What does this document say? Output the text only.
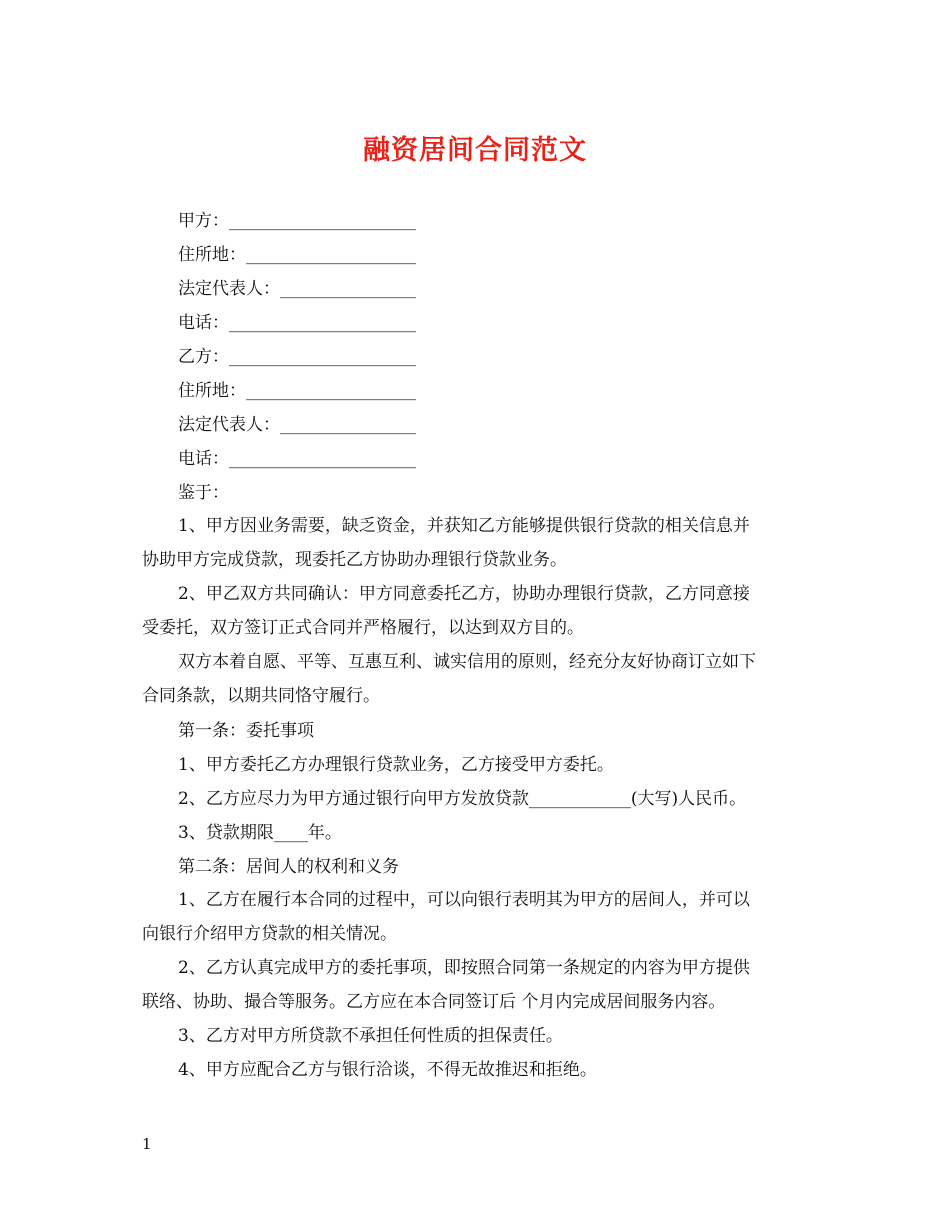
融资居间合同范文
甲方：______________________
住所地：____________________
法定代表人：________________
电话：______________________
乙方：______________________
住所地：____________________
法定代表人：________________
电话：______________________
鉴于：
1、甲方因业务需要，缺乏资金，并获知乙方能够提供银行贷款的相关信息并
协助甲方完成贷款，现委托乙方协助办理银行贷款业务。
2、甲乙双方共同确认：甲方同意委托乙方，协助办理银行贷款，乙方同意接
受委托，双方签订正式合同并严格履行，以达到双方目的。
双方本着自愿、平等、互惠互利、诚实信用的原则，经充分友好协商订立如下
合同条款，以期共同恪守履行。
第一条：委托事项
1、甲方委托乙方办理银行贷款业务，乙方接受甲方委托。
2、乙方应尽力为甲方通过银行向甲方发放贷款____________(大写)人民币。
3、贷款期限____年。
第二条：居间人的权利和义务
1、乙方在履行本合同的过程中，可以向银行表明其为甲方的居间人，并可以
向银行介绍甲方贷款的相关情况。
2、乙方认真完成甲方的委托事项，即按照合同第一条规定的内容为甲方提供
联络、协助、撮合等服务。乙方应在本合同签订后 个月内完成居间服务内容。
3、乙方对甲方所贷款不承担任何性质的担保责任。
4、甲方应配合乙方与银行洽谈，不得无故推迟和拒绝。
1
